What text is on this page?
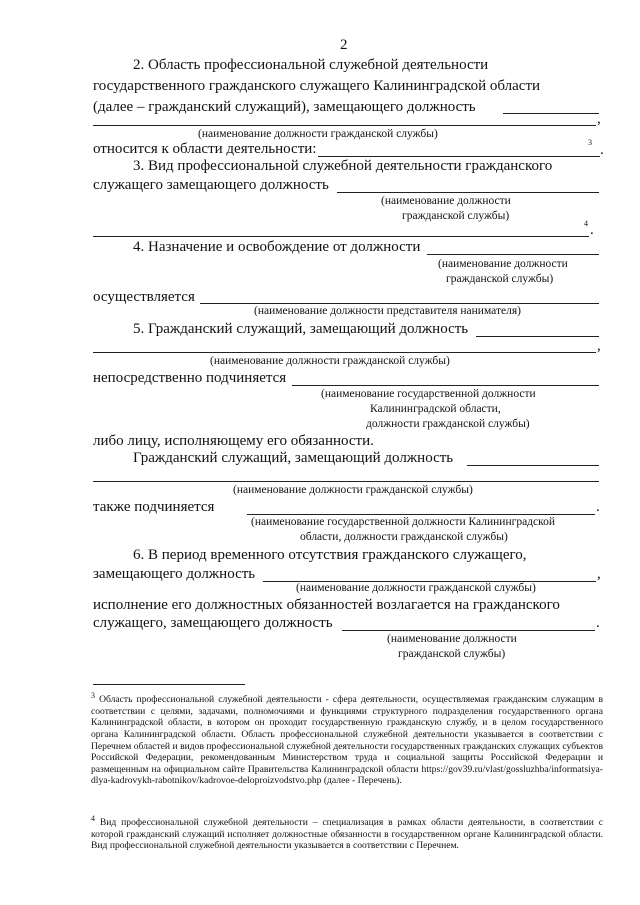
2
2. Область профессиональной служебной деятельности
государственного гражданского служащего Калининградской области
(далее – гражданский служащий), замещающего должность
,
(наименование должности гражданской службы)
относится к области деятельности:	3 .
3. Вид профессиональной служебной деятельности гражданского
служащего замещающего должность
(наименование должности
гражданской службы)
4 .
4. Назначение и освобождение от должности
(наименование должности
гражданской службы)
осуществляется
(наименование должности представителя нанимателя)
5. Гражданский служащий, замещающий должность
,
(наименование должности гражданской службы)
непосредственно подчиняется
(наименование государственной должности
Калининградской области,
должности гражданской службы)
либо лицу, исполняющему его обязанности.
Гражданский служащий, замещающий должность
(наименование должности гражданской службы)
также подчиняется	.
(наименование государственной должности Калининградской
области, должности гражданской службы)
6. В период временного отсутствия гражданского служащего,
замещающего должность	,
(наименование должности гражданской службы)
исполнение его должностных обязанностей возлагается на гражданского
служащего, замещающего должность	.
(наименование должности
гражданской службы)
$^3$ Область профессиональной служебной деятельности - сфера деятельности, осуществляемая гражданским служащим в соответствии с целями, задачами, полномочиями и функциями структурного подразделения государственного органа Калининградской области, в котором он проходит государственную гражданскую службу, и в целом государственного органа Калининградской области. Область профессиональной служебной деятельности указывается в соответствии с Перечнем областей и видов профессиональной служебной деятельности государственных гражданских служащих субъектов Российской Федерации, рекомендованным Министерством труда и социальной защиты Российской Федерации и размещенным на официальном сайте Правительства Калининградской области https://gov39.ru/vlast/gossluzhba/informatsiya-dlya-kadrovykh-rabotnikov/kadrovoe-deloproizvodstvo.php (далее - Перечень).
$^4$ Вид профессиональной служебной деятельности – специализация в рамках области деятельности, в соответствии с которой гражданский служащий исполняет должностные обязанности в государственном органе Калининградской области. Вид профессиональной служебной деятельности указывается в соответствии с Перечнем.
